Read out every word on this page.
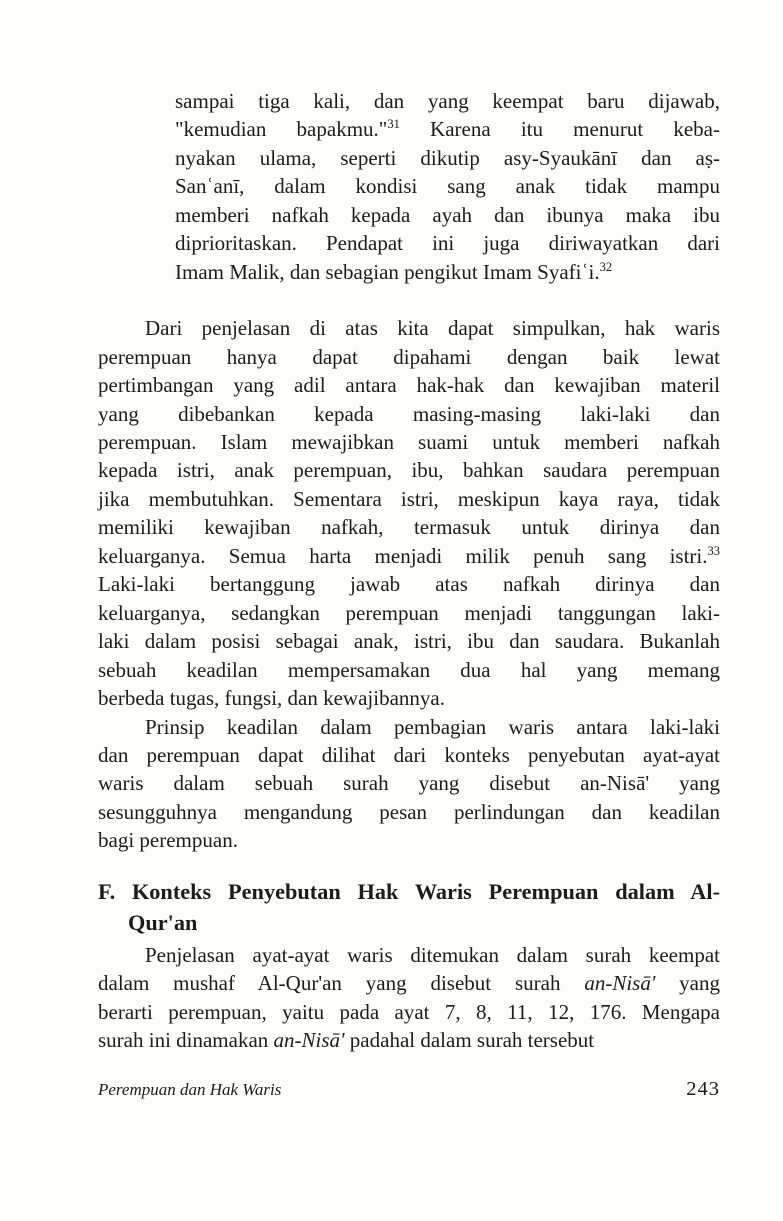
sampai tiga kali, dan yang keempat baru dijawab,
"kemudian bapakmu."$^{31}$ Karena itu menurut keba-
nyakan ulama, seperti dikutip asy-Syaukānī dan aṣ-
Sanʿanī, dalam kondisi sang anak tidak mampu
memberi nafkah kepada ayah dan ibunya maka ibu
diprioritaskan. Pendapat ini juga diriwayatkan dari
Imam Malik, dan sebagian pengikut Imam Syafiʿi.$^{32}$
Dari penjelasan di atas kita dapat simpulkan, hak waris
perempuan hanya dapat dipahami dengan baik lewat
pertimbangan yang adil antara hak-hak dan kewajiban materil
yang dibebankan kepada masing-masing laki-laki dan
perempuan. Islam mewajibkan suami untuk memberi nafkah
kepada istri, anak perempuan, ibu, bahkan saudara perempuan
jika membutuhkan. Sementara istri, meskipun kaya raya, tidak
memiliki kewajiban nafkah, termasuk untuk dirinya dan
keluarganya. Semua harta menjadi milik penuh sang istri.$^{33}$
Laki-laki bertanggung jawab atas nafkah dirinya dan
keluarganya, sedangkan perempuan menjadi tanggungan laki-
laki dalam posisi sebagai anak, istri, ibu dan saudara. Bukanlah
sebuah keadilan mempersamakan dua hal yang memang
berbeda tugas, fungsi, dan kewajibannya.
Prinsip keadilan dalam pembagian waris antara laki-laki
dan perempuan dapat dilihat dari konteks penyebutan ayat-ayat
waris dalam sebuah surah yang disebut an-Nisā' yang
sesungguhnya mengandung pesan perlindungan dan keadilan
bagi perempuan.
F. Konteks Penyebutan Hak Waris Perempuan dalam Al-
Qur'an
Penjelasan ayat-ayat waris ditemukan dalam surah keempat
dalam mushaf Al-Qur'an yang disebut surah an-Nisā' yang
berarti perempuan, yaitu pada ayat 7, 8, 11, 12, 176. Mengapa
surah ini dinamakan an-Nisā' padahal dalam surah tersebut
Perempuan dan Hak Waris	243
